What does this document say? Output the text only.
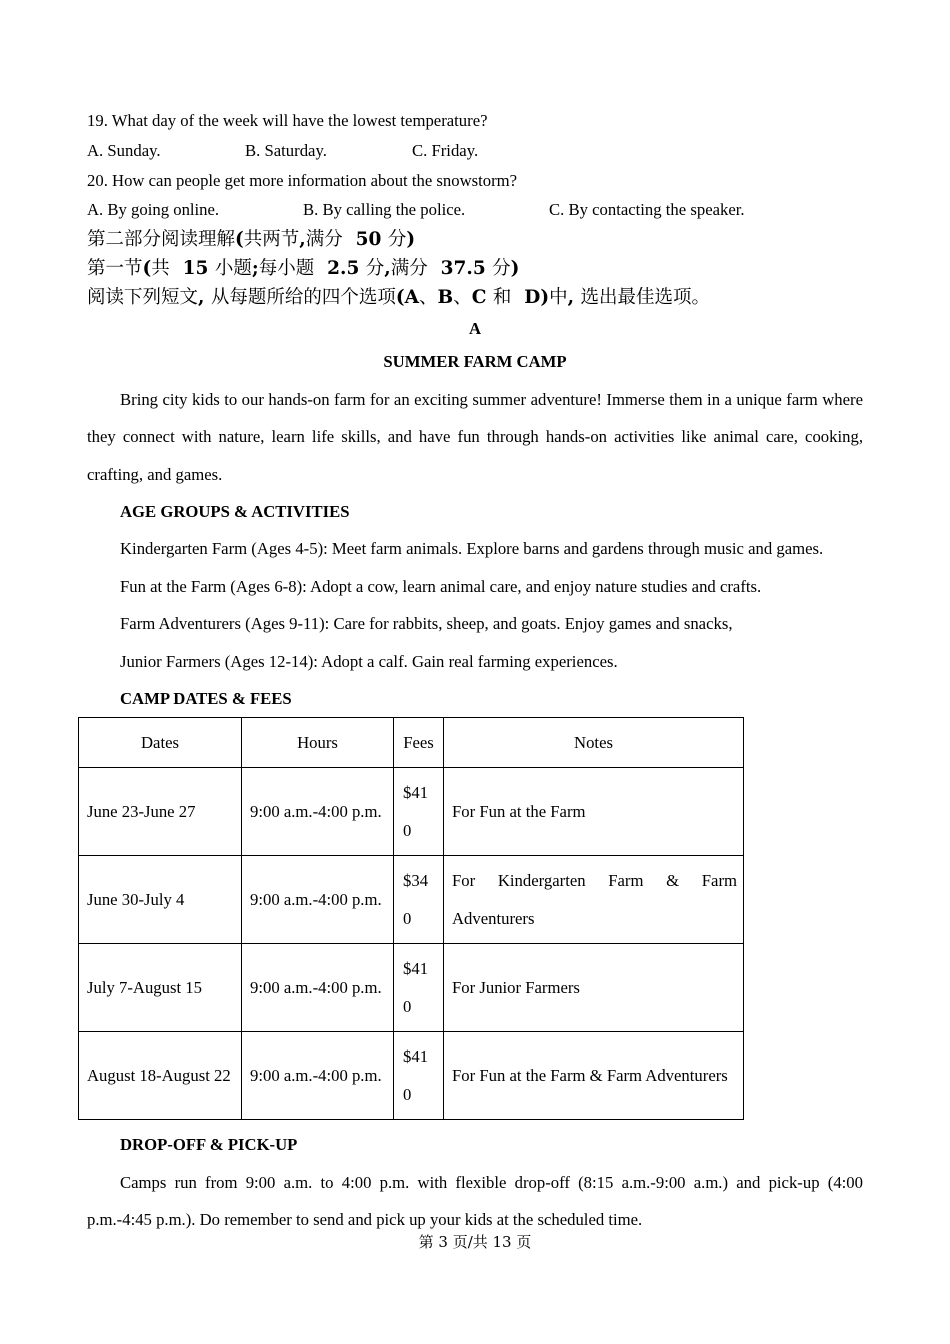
19. What day of the week will have the lowest temperature?
A. Sunday.	B. Saturday.	C. Friday.
20. How can people get more information about the snowstorm?
A. By going online.	B. By calling the police.	C. By contacting the speaker.
第二部分阅读理解(共两节,满分  50 分)
第一节(共  15 小题;每小题  2.5 分,满分  37.5 分)
阅读下列短文, 从每题所给的四个选项(A、B、C 和  D)中, 选出最佳选项。
A
SUMMER FARM CAMP
Bring city kids to our hands-on farm for an exciting summer adventure! Immerse them in a unique farm where
they connect with nature, learn life skills, and have fun through hands-on activities like animal care, cooking,
crafting, and games.
AGE GROUPS & ACTIVITIES
Kindergarten Farm (Ages 4-5): Meet farm animals. Explore barns and gardens through music and games.
Fun at the Farm (Ages 6-8): Adopt a cow, learn animal care, and enjoy nature studies and crafts.
Farm Adventurers (Ages 9-11): Care for rabbits, sheep, and goats. Enjoy games and snacks,
Junior Farmers (Ages 12-14): Adopt a calf. Gain real farming experiences.
CAMP DATES & FEES
Dates	Hours	Fees	Notes
June 23-June 27	9:00 a.m.-4:00 p.m.	$410	For Fun at the Farm
June 30-July 4	9:00 a.m.-4:00 p.m.	$340	For Kindergarten Farm & Farm Adventurers
July 7-August 15	9:00 a.m.-4:00 p.m.	$410	For Junior Farmers
August 18-August 22	9:00 a.m.-4:00 p.m.	$410	For Fun at the Farm & Farm Adventurers
DROP-OFF & PICK-UP
Camps run from 9:00 a.m. to 4:00 p.m. with flexible drop-off (8:15 a.m.-9:00 a.m.) and pick-up (4:00
p.m.-4:45 p.m.). Do remember to send and pick up your kids at the scheduled time.
第 3 页/共 13 页
